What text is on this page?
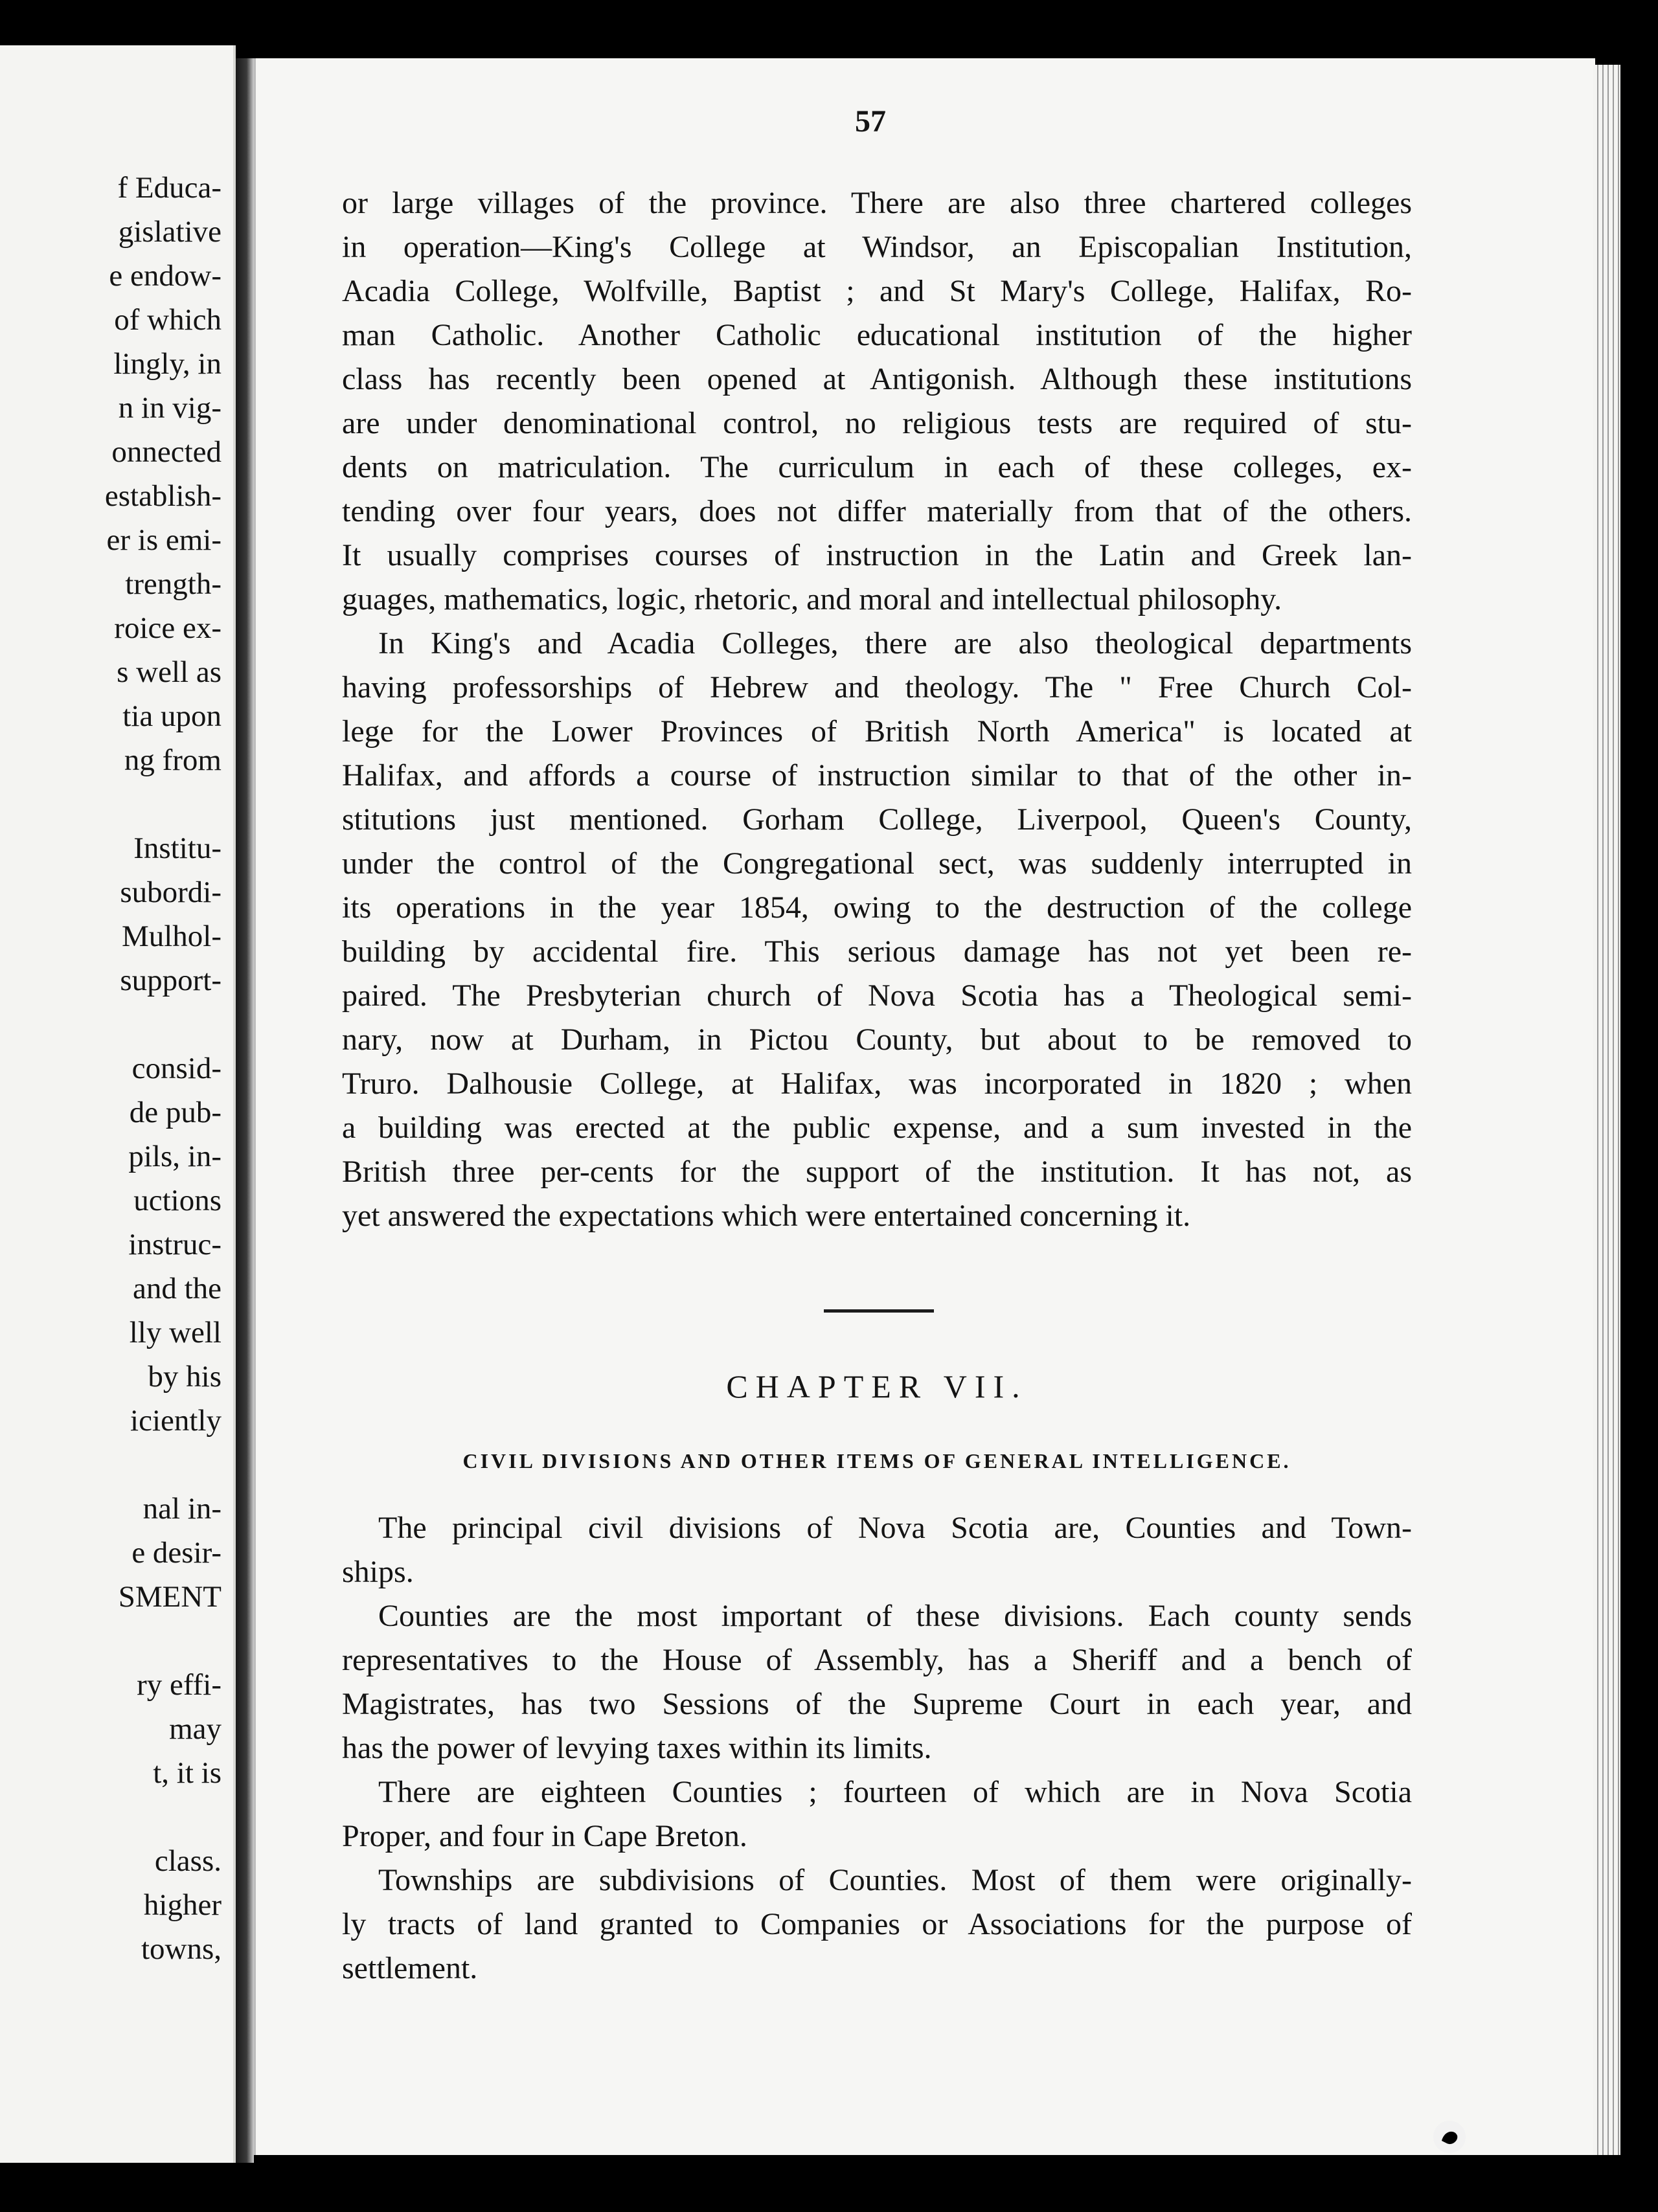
f Educa-
gislative
e endow-
of which
lingly, in
n in vig-
onnected
establish-
er is emi-
trength-
roice ex-
s well as
tia upon
ng from
Institu-
subordi-
Mulhol-
support-
consid-
de pub-
pils, in-
uctions
instruc-
and the
lly well
by his
iciently
nal in-
e desir-
SMENT
ry effi-
may
t, it is
class.
higher
towns,
57
or large villages of the province. There are also three chartered colleges
in operation—King's College at Windsor, an Episcopalian Institution,
Acadia College, Wolfville, Baptist ; and St Mary's College, Halifax, Ro-
man Catholic. Another Catholic educational institution of the higher
class has recently been opened at Antigonish. Although these institutions
are under denominational control, no religious tests are required of stu-
dents on matriculation. The curriculum in each of these colleges, ex-
tending over four years, does not differ materially from that of the others.
It usually comprises courses of instruction in the Latin and Greek lan-
guages, mathematics, logic, rhetoric, and moral and intellectual philosophy.
In King's and Acadia Colleges, there are also theological departments
having professorships of Hebrew and theology. The " Free Church Col-
lege for the Lower Provinces of British North America" is located at
Halifax, and affords a course of instruction similar to that of the other in-
stitutions just mentioned. Gorham College, Liverpool, Queen's County,
under the control of the Congregational sect, was suddenly interrupted in
its operations in the year 1854, owing to the destruction of the college
building by accidental fire. This serious damage has not yet been re-
paired. The Presbyterian church of Nova Scotia has a Theological semi-
nary, now at Durham, in Pictou County, but about to be removed to
Truro. Dalhousie College, at Halifax, was incorporated in 1820 ; when
a building was erected at the public expense, and a sum invested in the
British three per-cents for the support of the institution. It has not, as
yet answered the expectations which were entertained concerning it.
CHAPTER VII.
CIVIL DIVISIONS AND OTHER ITEMS OF GENERAL INTELLIGENCE.
The principal civil divisions of Nova Scotia are, Counties and Town-
ships.
Counties are the most important of these divisions. Each county sends
representatives to the House of Assembly, has a Sheriff and a bench of
Magistrates, has two Sessions of the Supreme Court in each year, and
has the power of levying taxes within its limits.
There are eighteen Counties ; fourteen of which are in Nova Scotia
Proper, and four in Cape Breton.
Townships are subdivisions of Counties. Most of them were originally-
ly tracts of land granted to Companies or Associations for the purpose of
settlement.
